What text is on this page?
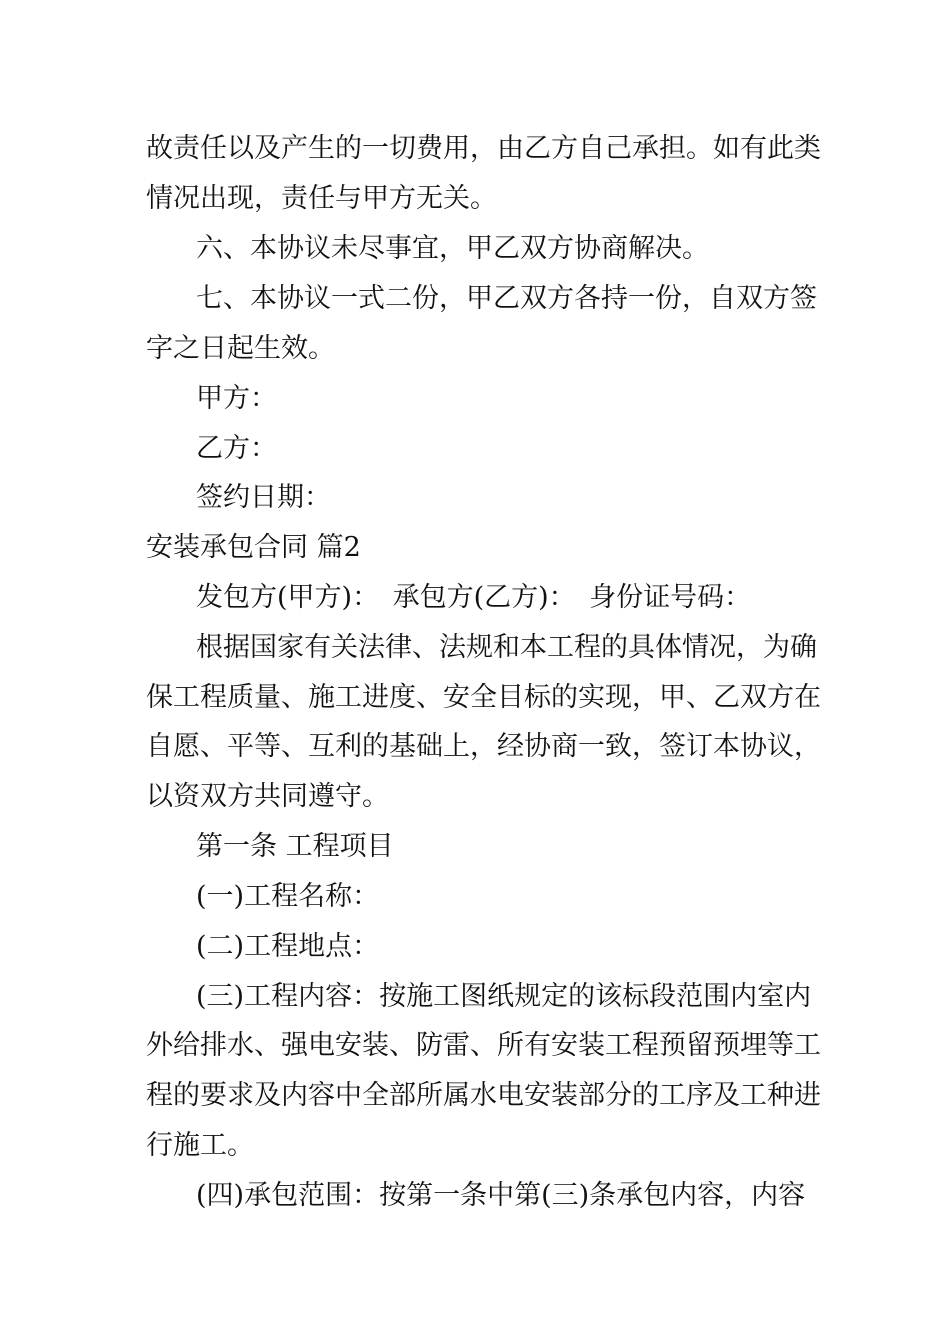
故责任以及产生的一切费用，由乙方自己承担。如有此类
情况出现，责任与甲方无关。
六、本协议未尽事宜，甲乙双方协商解决。
七、本协议一式二份，甲乙双方各持一份，自双方签
字之日起生效。
甲方：
乙方：
签约日期：
安装承包合同 篇2
发包方(甲方)：　承包方(乙方)：　身份证号码：
根据国家有关法律、法规和本工程的具体情况，为确
保工程质量、施工进度、安全目标的实现，甲、乙双方在
自愿、平等、互利的基础上，经协商一致，签订本协议，
以资双方共同遵守。
第一条 工程项目
(一)工程名称：
(二)工程地点：
(三)工程内容：按施工图纸规定的该标段范围内室内
外给排水、强电安装、防雷、所有安装工程预留预埋等工
程的要求及内容中全部所属水电安装部分的工序及工种进
行施工。
(四)承包范围：按第一条中第(三)条承包内容，内容
